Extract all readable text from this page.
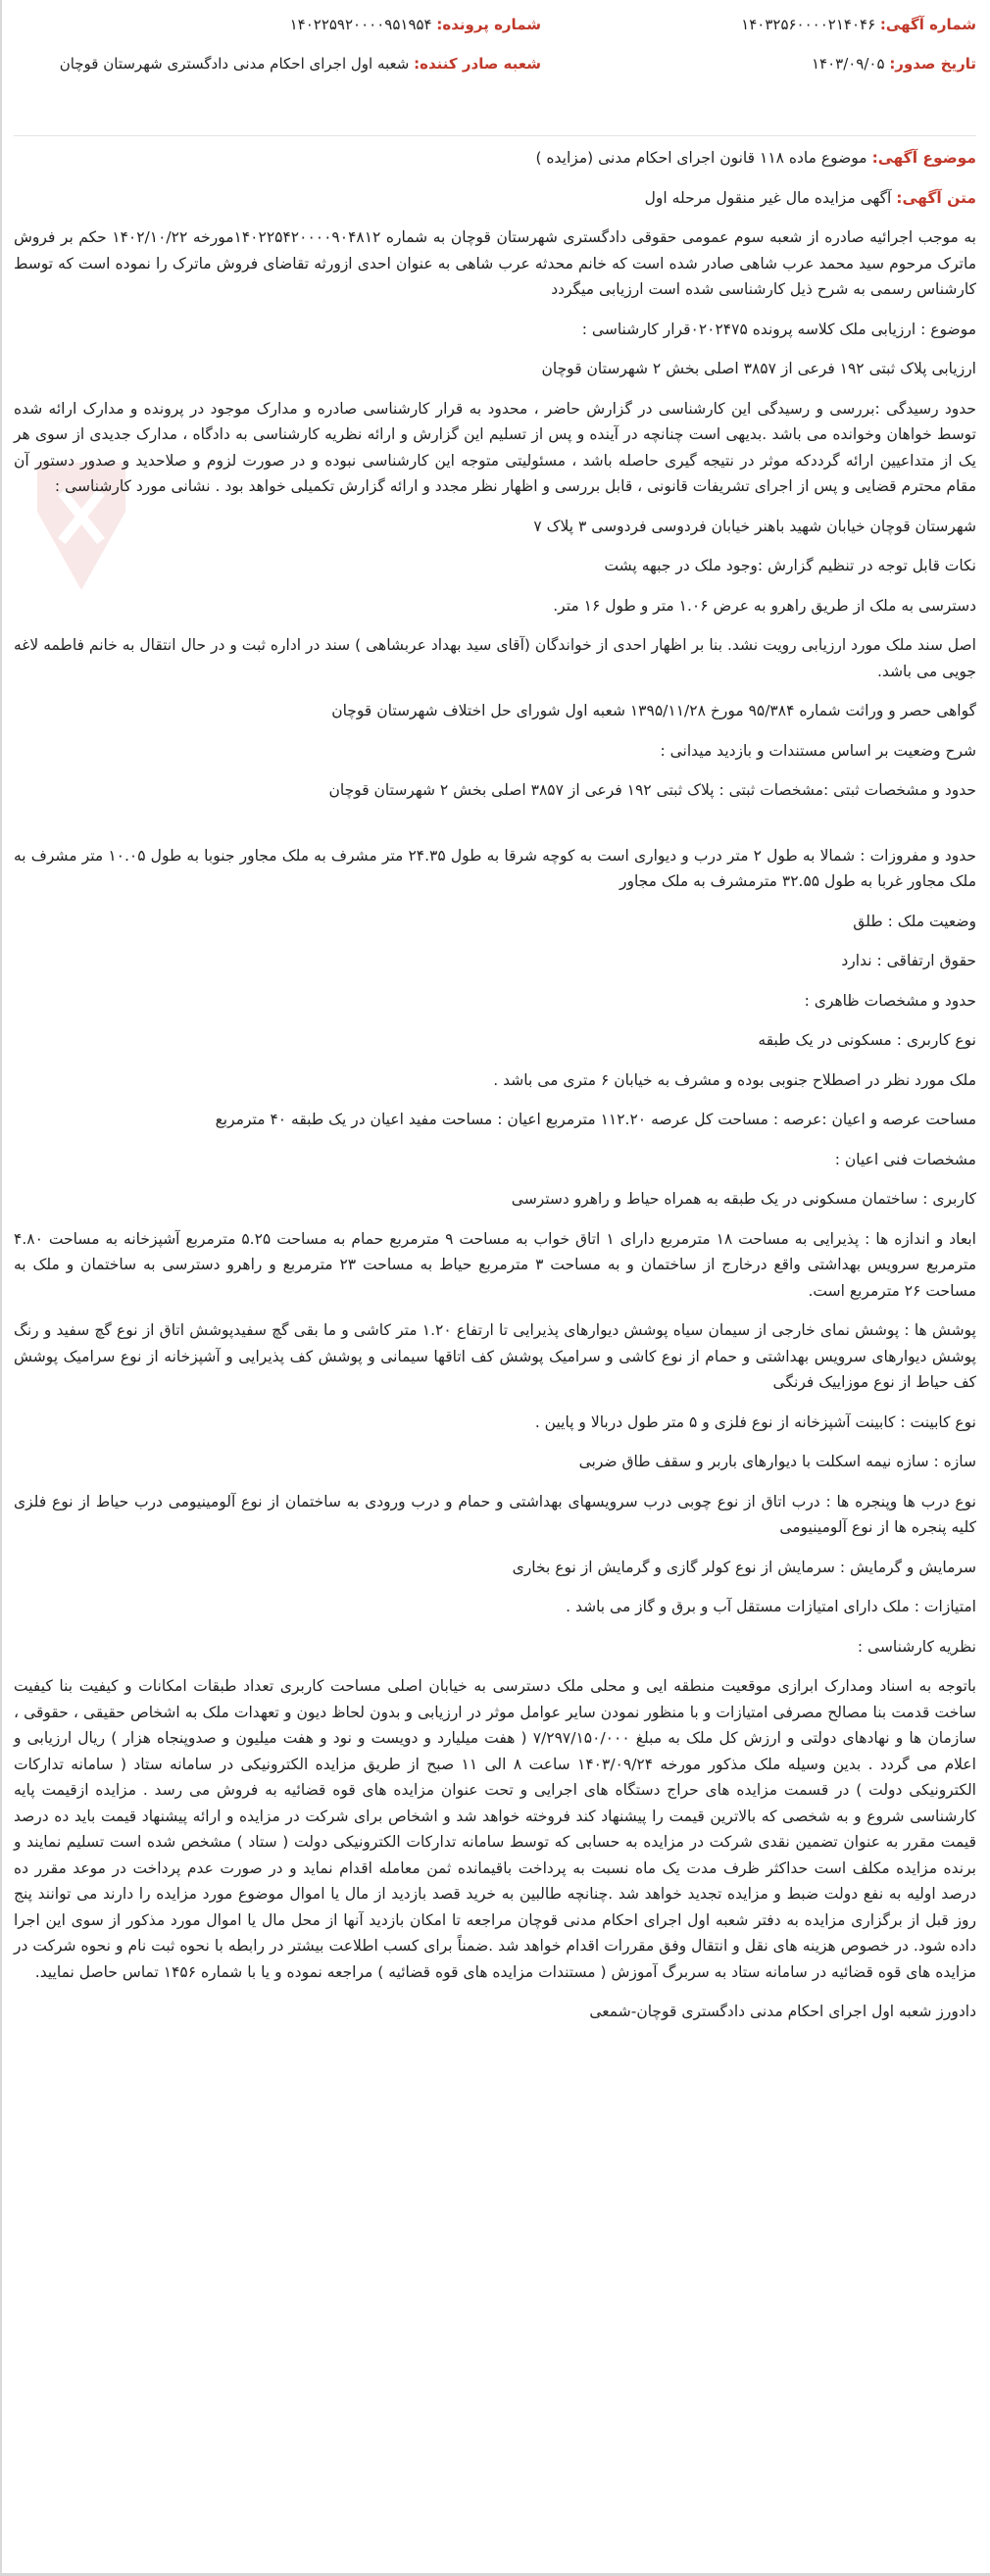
شماره آگهی: ۱۴۰۳۲۵۶۰۰۰۰۲۱۴۰۴۶
شماره پرونده: ۱۴۰۲۲۵۹۲۰۰۰۰۹۵۱۹۵۴
تاریخ صدور: ۱۴۰۳/۰۹/۰۵
شعبه صادر کننده: شعبه اول اجرای احکام مدنی دادگستری شهرستان قوچان

موضوع آگهی: موضوع ماده ۱۱۸ قانون اجرای احکام مدنی (مزایده )

متن آگهی: آگهی مزایده مال غیر منقول مرحله اول

به موجب اجرائیه صادره از شعبه سوم عمومی حقوقی دادگستری شهرستان قوچان به شماره ۱۴۰۲۲۵۴۲۰۰۰۰۹۰۴۸۱۲مورخه ۱۴۰۲/۱۰/۲۲ حکم بر فروش ماترک مرحوم سید محمد عرب شاهی صادر شده است که خانم محدثه عرب شاهی به عنوان احدی ازورثه تقاضای فروش ماترک را نموده است که توسط کارشناس رسمی به شرح ذیل کارشناسی شده است ارزیابی میگردد

موضوع : ارزیابی ملک کلاسه پرونده ۰۲۰۲۴۷۵قرار کارشناسی :

ارزیابی پلاک ثبتی ۱۹۲ فرعی از ۳۸۵۷ اصلی بخش ۲ شهرستان قوچان

حدود رسیدگی :بررسی و رسیدگی این کارشناسی در گزارش حاضر ، محدود به قرار کارشناسی صادره و مدارک موجود در پرونده و مدارک ارائه شده توسط خواهان وخوانده می باشد .بدیهی است چنانچه در آینده و پس از تسلیم این گزارش و ارائه نظریه کارشناسی به دادگاه ، مدارک جدیدی از سوی هر یک از متداعیین ارائه گرددکه موثر در نتیجه گیری حاصله باشد ، مسئولیتی متوجه این کارشناسی نبوده و در صورت لزوم و صلاحدید و صدور دستور آن مقام محترم قضایی و پس از اجرای تشریفات قانونی ، قابل بررسی و اظهار نظر مجدد و ارائه گزارش تکمیلی خواهد بود . نشانی مورد کارشناسی :

شهرستان قوچان خیابان شهید باهنر خیابان فردوسی فردوسی ۳ پلاک ۷

نکات قابل توجه در تنظیم گزارش :وجود ملک در جبهه پشت

دسترسی به ملک از طریق راهرو به عرض ۱.۰۶ متر و طول ۱۶ متر.

اصل سند ملک مورد ارزیابی رویت نشد. بنا بر اظهار احدی از خواندگان (آقای سید بهداد عربشاهی ) سند در اداره ثبت و در حال انتقال به خانم فاطمه لاغه جویی می باشد.

گواهی حصر و وراثت شماره ۹۵/۳۸۴ مورخ ۱۳۹۵/۱۱/۲۸ شعبه اول شورای حل اختلاف شهرستان قوچان

شرح وضعیت بر اساس مستندات و بازدید میدانی :

حدود و مشخصات ثبتی :مشخصات ثبتی : پلاک ثبتی ۱۹۲ فرعی از ۳۸۵۷ اصلی بخش ۲ شهرستان قوچان

حدود و مفروزات : شمالا به طول ۲ متر درب و دیواری است به کوچه شرقا به طول ۲۴.۳۵ متر مشرف به ملک مجاور جنوبا به طول ۱۰.۰۵ متر مشرف به ملک مجاور غربا به طول ۳۲.۵۵ مترمشرف به ملک مجاور

وضعیت ملک : طلق

حقوق ارتفاقی : ندارد

حدود و مشخصات ظاهری :

نوع کاربری : مسکونی در یک طبقه

ملک مورد نظر در اصطلاح جنوبی بوده و مشرف به خیابان ۶ متری می باشد .

مساحت عرصه و اعیان :عرصه : مساحت کل عرصه ۱۱۲.۲۰ مترمربع اعیان : مساحت مفید اعیان در یک طبقه ۴۰ مترمربع

مشخصات فنی اعیان :

کاربری : ساختمان مسکونی در یک طبقه به همراه حیاط و راهرو دسترسی

ابعاد و اندازه ها : پذیرایی به مساحت ۱۸ مترمربع دارای ۱ اتاق خواب به مساحت ۹ مترمربع حمام به مساحت ۵.۲۵ مترمربع آشپزخانه به مساحت ۴.۸۰ مترمربع سرویس بهداشتی واقع درخارج از ساختمان و به مساحت ۳ مترمربع حیاط به مساحت ۲۳ مترمربع و راهرو دسترسی به ساختمان و ملک به مساحت ۲۶ مترمربع است.

پوشش ها : پوشش نمای خارجی از سیمان سیاه پوشش دیوارهای پذیرایی تا ارتفاع ۱.۲۰ متر کاشی و ما بقی گچ سفیدپوشش اتاق از نوع گچ سفید و رنگ پوشش دیوارهای سرویس بهداشتی و حمام از نوع کاشی و سرامیک پوشش کف اتاقها سیمانی و پوشش کف پذیرایی و آشپزخانه از نوع سرامیک پوشش کف حیاط از نوع موزاییک فرنگی

نوع کابینت : کابینت آشپزخانه از نوع فلزی و ۵ متر طول دربالا و پایین .

سازه : سازه نیمه اسکلت با دیوارهای باربر و سقف طاق ضربی

نوع درب ها وپنجره ها : درب اتاق از نوع چوبی درب سرویسهای بهداشتی و حمام و درب ورودی به ساختمان از نوع آلومینیومی درب حیاط از نوع فلزی کلیه پنجره ها از نوع آلومینیومی

سرمایش و گرمایش : سرمایش از نوع کولر گازی و گرمایش از نوع بخاری

امتیازات : ملک دارای امتیازات مستقل آب و برق و گاز می باشد .

نظریه کارشناسی :

باتوجه به اسناد ومدارک ابرازی موقعیت منطقه ایی و محلی ملک دسترسی به خیابان اصلی مساحت کاربری تعداد طبقات امکانات و کیفیت بنا کیفیت ساخت قدمت بنا مصالح مصرفی امتیازات و با منظور نمودن سایر عوامل موثر در ارزیابی و بدون لحاظ دیون و تعهدات ملک به اشخاص حقیقی ، حقوقی ، سازمان ها و نهادهای دولتی و ارزش کل ملک به مبلغ ۷/۲۹۷/۱۵۰/۰۰۰ ( هفت میلیارد و دویست و نود و هفت میلیون و صدوپنجاه هزار ) ریال ارزیابی و اعلام می گردد . بدین وسیله ملک مذکور مورخه ۱۴۰۳/۰۹/۲۴ ساعت ۸ الی ۱۱ صبح از طریق مزایده الکترونیکی در سامانه ستاد ( سامانه تدارکات الکترونیکی دولت ) در قسمت مزایده های حراج دستگاه های اجرایی و تحت عنوان مزایده های قوه قضائیه به فروش می رسد . مزایده ازقیمت پایه کارشناسی شروع و به شخصی که بالاترین قیمت را پیشنهاد کند فروخته خواهد شد و اشخاص برای شرکت در مزایده و ارائه پیشنهاد قیمت باید ده درصد قیمت مقرر به عنوان تضمین نقدی شرکت در مزایده به حسابی که توسط سامانه تدارکات الکترونیکی دولت ( ستاد ) مشخص شده است تسلیم نمایند و برنده مزایده مکلف است حداکثر ظرف مدت یک ماه نسبت به پرداخت باقیمانده ثمن معامله اقدام نماید و در صورت عدم پرداخت در موعد مقرر ده درصد اولیه به نفع دولت ضبط و مزایده تجدید خواهد شد .چنانچه طالبین به خرید قصد بازدید از مال یا اموال موضوع مورد مزایده را دارند می توانند پنج روز قبل از برگزاری مزایده به دفتر شعبه اول اجرای احکام مدنی قوچان مراجعه تا امکان بازدید آنها از محل مال یا اموال مورد مذکور از سوی این اجرا داده شود. در خصوص هزینه های نقل و انتقال وفق مقررات اقدام خواهد شد .ضمناً برای کسب اطلاعت بیشتر در رابطه با نحوه ثبت نام و نحوه شرکت در مزایده های قوه قضائیه در سامانه ستاد به سربرگ آموزش ( مستندات مزایده های قوه قضائیه ) مراجعه نموده و یا با شماره ۱۴۵۶ تماس حاصل نمایید.

دادورز شعبه اول اجرای احکام مدنی دادگستری قوچان-شمعی
